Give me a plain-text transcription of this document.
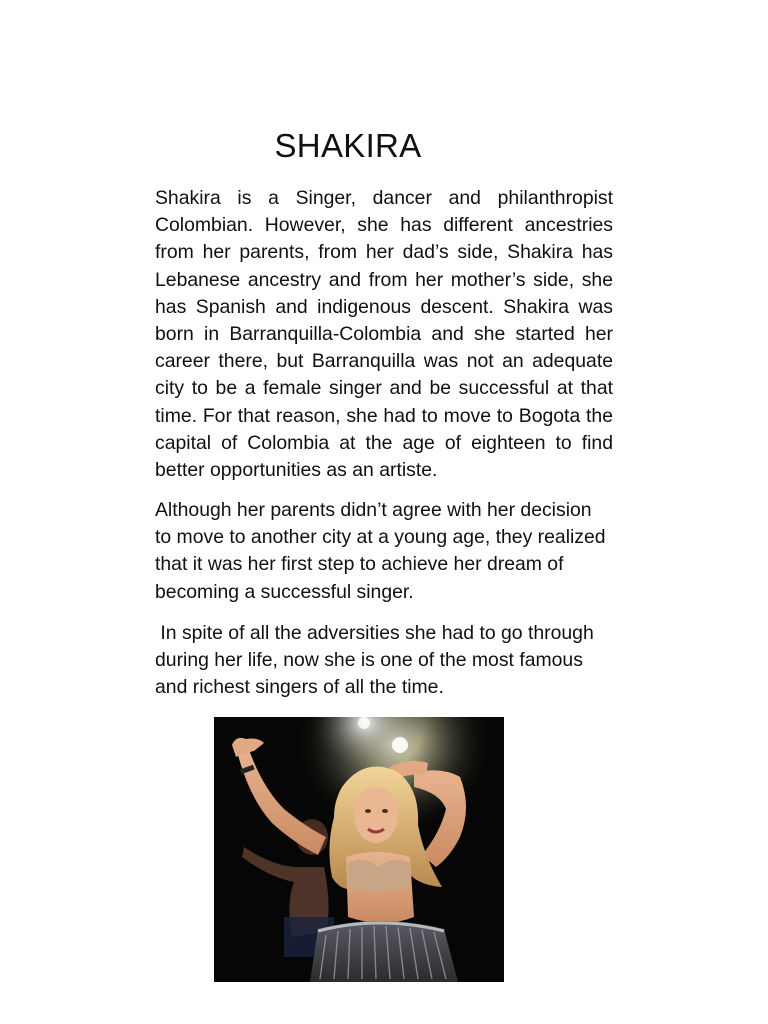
SHAKIRA

Shakira is a Singer, dancer and philanthropist Colombian. However, she has different ancestries from her parents, from her dad’s side, Shakira has Lebanese ancestry and from her mother’s side, she has Spanish and indigenous descent. Shakira was born in Barranquilla-Colombia and she started her career there, but Barranquilla was not an adequate city to be a female singer and be successful at that time. For that reason, she had to move to Bogota the capital of Colombia at the age of eighteen to find better opportunities as an artiste.

Although her parents didn’t agree with her decision to move to another city at a young age, they realized that it was her first step to achieve her dream of becoming a successful singer.

In spite of all the adversities she had to go through during her life, now she is one of the most famous and richest singers of all the time.
